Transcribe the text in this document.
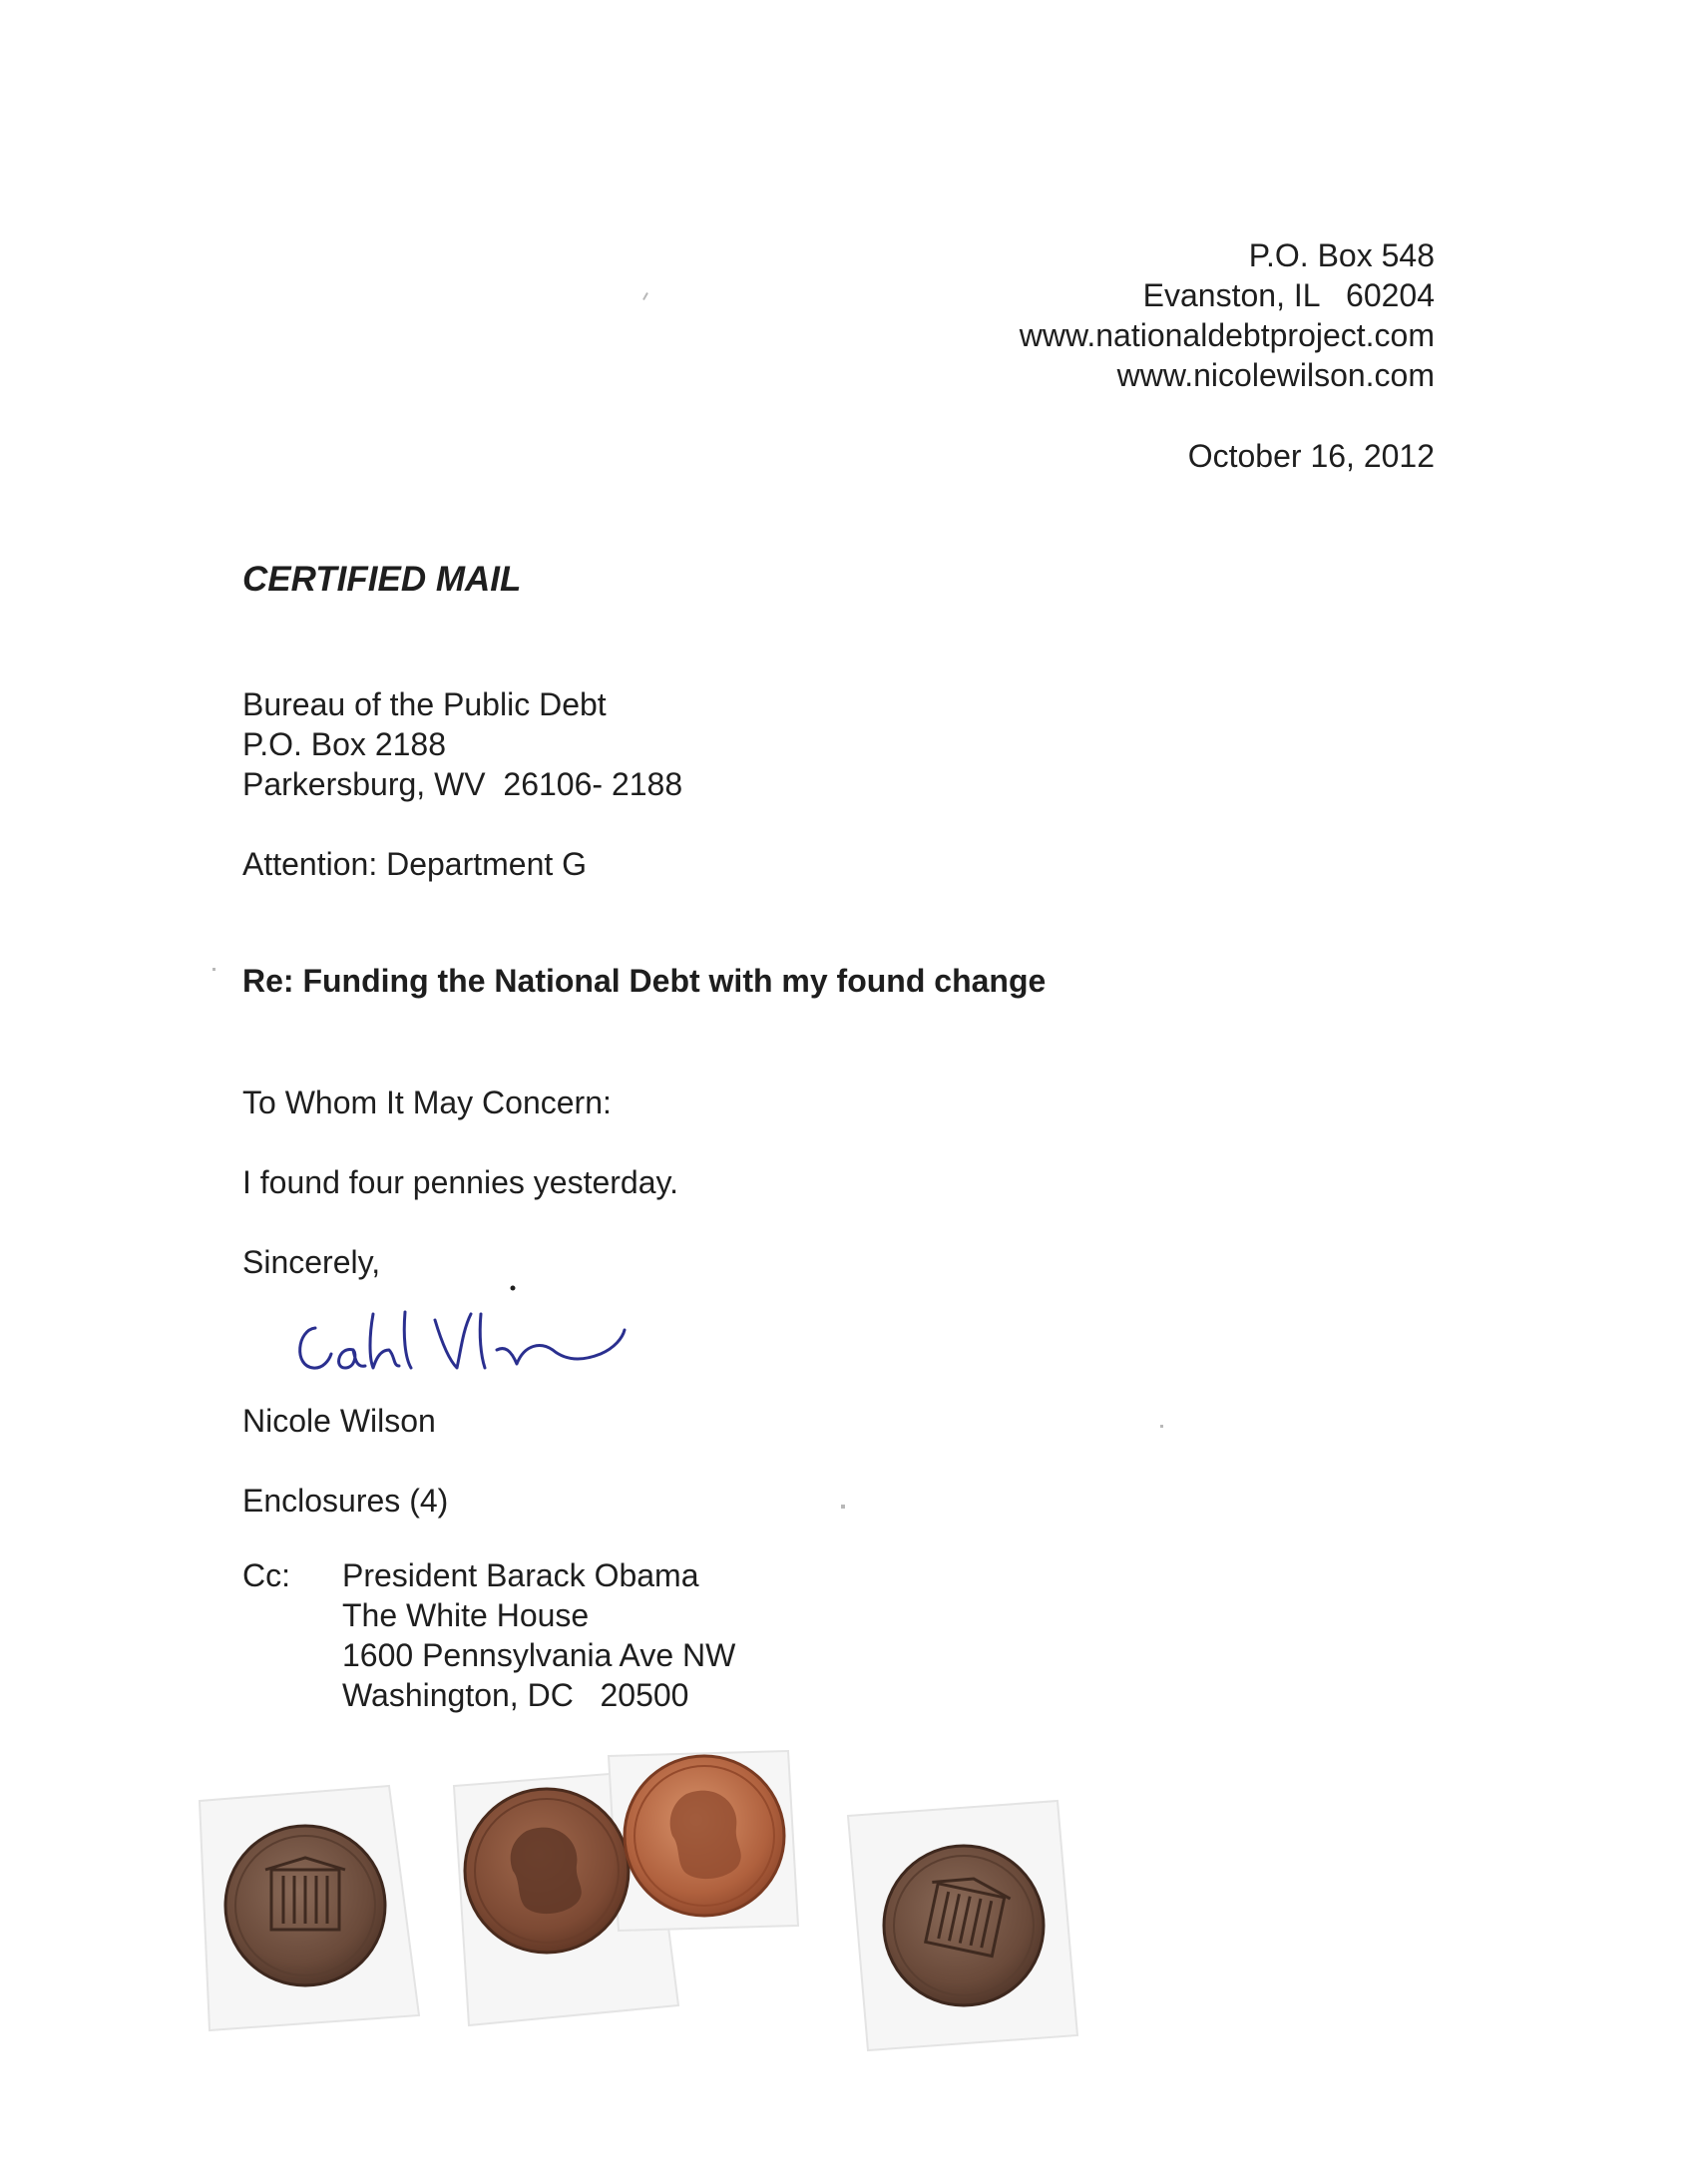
P.O. Box 548
Evanston, IL   60204
www.nationaldebtproject.com
www.nicolewilson.com
October 16, 2012
CERTIFIED MAIL
Bureau of the Public Debt
P.O. Box 2188
Parkersburg, WV  26106- 2188
Attention: Department G
Re: Funding the National Debt with my found change
To Whom It May Concern:
I found four pennies yesterday.
Sincerely,
Nicole Wilson
Enclosures (4)
Cc: President Barack Obama
The White House
1600 Pennsylvania Ave NW
Washington, DC   20500
